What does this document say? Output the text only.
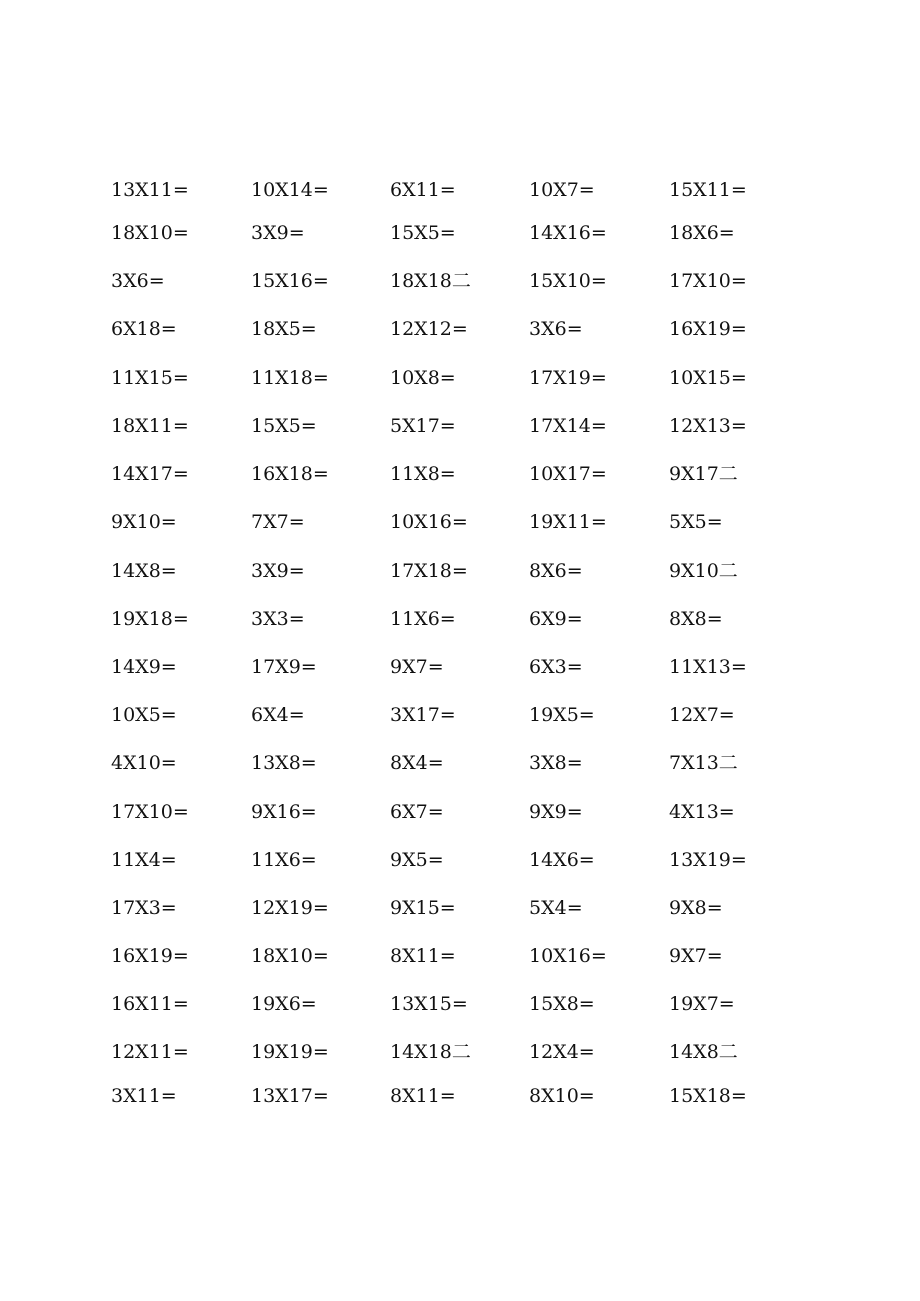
13X11=	10X14=	6X11=	10X7=	15X11=
18X10=	3X9=	15X5=	14X16=	18X6=
3X6=	15X16=	18X18二	15X10=	17X10=
6X18=	18X5=	12X12=	3X6=	16X19=
11X15=	11X18=	10X8=	17X19=	10X15=
18X11=	15X5=	5X17=	17X14=	12X13=
14X17=	16X18=	11X8=	10X17=	9X17二
9X10=	7X7=	10X16=	19X11=	5X5=
14X8=	3X9=	17X18=	8X6=	9X10二
19X18=	3X3=	11X6=	6X9=	8X8=
14X9=	17X9=	9X7=	6X3=	11X13=
10X5=	6X4=	3X17=	19X5=	12X7=
4X10=	13X8=	8X4=	3X8=	7X13二
17X10=	9X16=	6X7=	9X9=	4X13=
11X4=	11X6=	9X5=	14X6=	13X19=
17X3=	12X19=	9X15=	5X4=	9X8=
16X19=	18X10=	8X11=	10X16=	9X7=
16X11=	19X6=	13X15=	15X8=	19X7=
12X11=	19X19=	14X18二	12X4=	14X8二
3X11=	13X17=	8X11=	8X10=	15X18=
